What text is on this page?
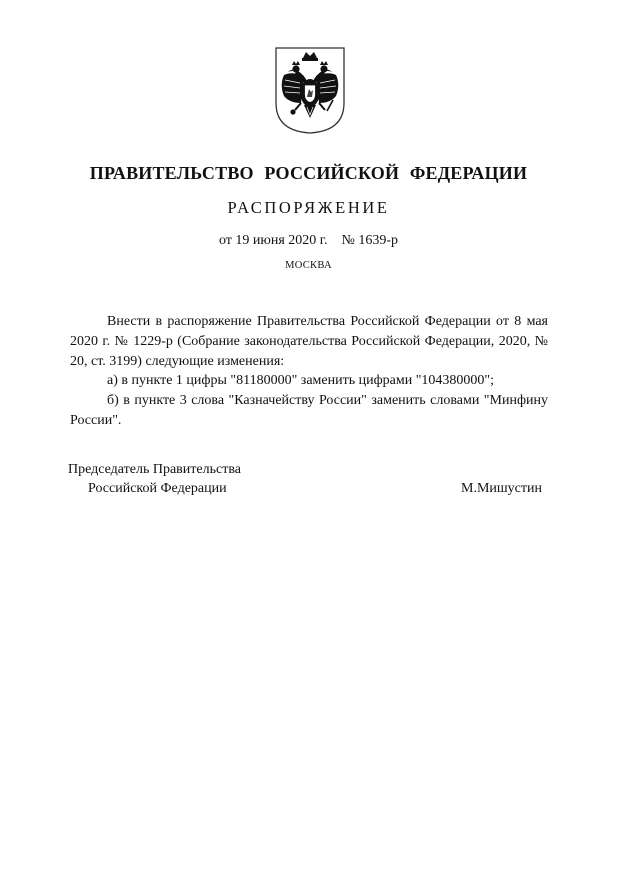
ПРАВИТЕЛЬСТВО РОССИЙСКОЙ ФЕДЕРАЦИИ
РАСПОРЯЖЕНИЕ
от 19 июня 2020 г. № 1639-р
МОСКВА

Внести в распоряжение Правительства Российской Федерации от 8 мая 2020 г. № 1229-р (Собрание законодательства Российской Федерации, 2020, № 20, ст. 3199) следующие изменения:

а) в пункте 1 цифры "81180000" заменить цифрами "104380000";

б) в пункте 3 слова "Казначейству России" заменить словами "Минфину России".

Председатель Правительства
Российской Федерации	М.Мишустин
